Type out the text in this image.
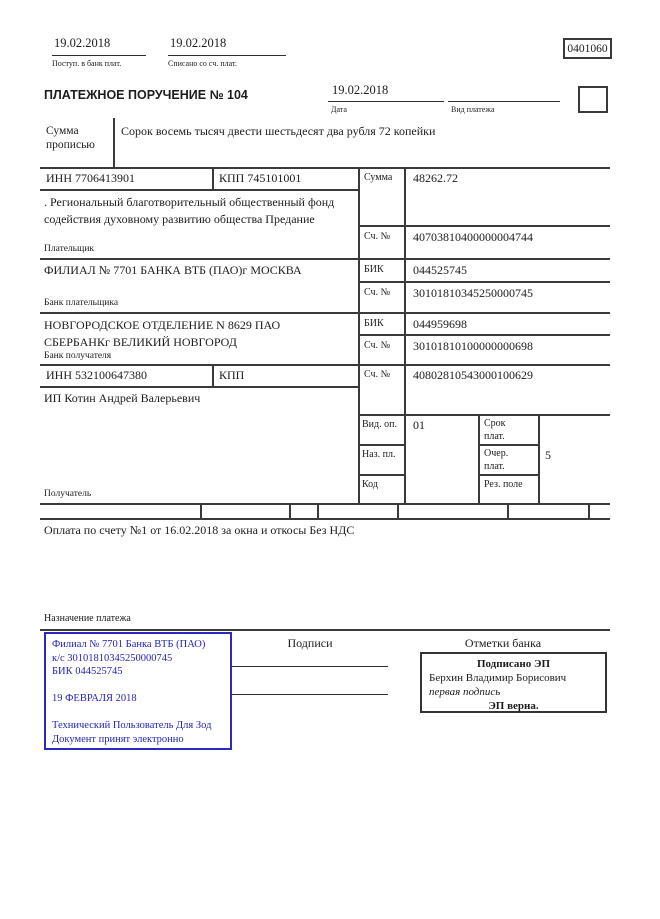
19.02.2018
Поступ. в банк плат.
19.02.2018
Списано со сч. плат.
0401060
ПЛАТЕЖНОЕ ПОРУЧЕНИЕ № 104	19.02.2018
Дата	Вид платежа
Сумма прописью
Сорок восемь тысяч двести шестьдесят два рубля 72 копейки
ИНН 7706413901	КПП 745101001	Сумма 48262.72
. Региональный благотворительный общественный фонд содействия духовному развитию общества Предание
Плательщик
Сч. № 40703810400000004744
ФИЛИАЛ № 7701 БАНКА ВТБ (ПАО)г МОСКВА
Банк плательщика
БИК 044525745
Сч. № 30101810345250000745
НОВГОРОДСКОЕ ОТДЕЛЕНИЕ N 8629 ПАО СБЕРБАНКг ВЕЛИКИЙ НОВГОРОД
Банк получателя
БИК 044959698
Сч. № 30101810100000000698
ИНН 532100647380	КПП	Сч. № 40802810543000100629
ИП Котин Андрей Валерьевич
Получатель
Вид. оп. 01	Срок плат.
Наз. пл.	Очер. плат.
5
Код	Рез. поле
Оплата по счету №1 от 16.02.2018 за окна и откосы Без НДС
Назначение платежа

Филиал № 7701 Банка ВТБ (ПАО)

к/с 30101810345250000745

БИК 044525745

19 ФЕВРАЛЯ 2018

Технический Пользователь Для Зод

Документ принят электронно

Подписи	Отметки банка
Подписано ЭП
Берхин Владимир Борисович
первая подпись
ЭП верна.
